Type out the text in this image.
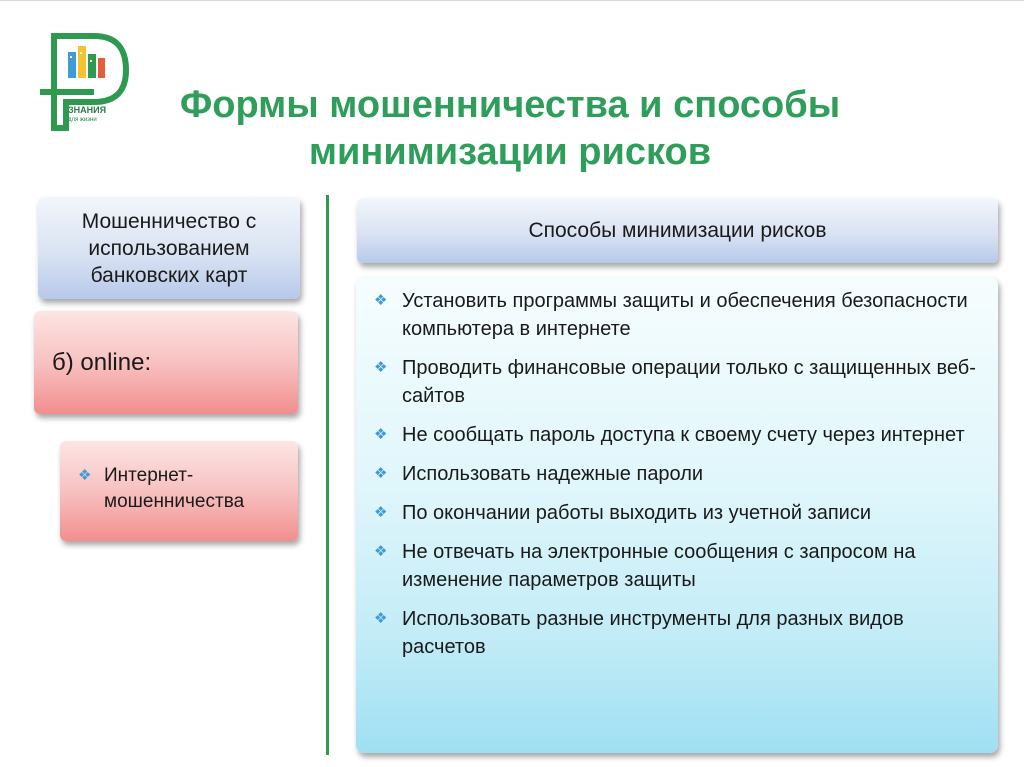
ЗНАНИЯ
для жизни	Формы мошенничества и способы
минимизации рисков
Мошенничество с использованием банковских карт
б) online:
❖ Интернет-мошенничества
Способы минимизации рисков
❖ Установить программы защиты и обеспечения безопасности компьютера в интернете
❖ Проводить финансовые операции только с защищенных веб-сайтов
❖ Не сообщать пароль доступа к своему счету через интернет
❖ Использовать надежные пароли
❖ По окончании работы выходить из учетной записи
❖ Не отвечать на электронные сообщения с запросом на изменение параметров защиты
❖ Использовать разные инструменты для разных видов расчетов
